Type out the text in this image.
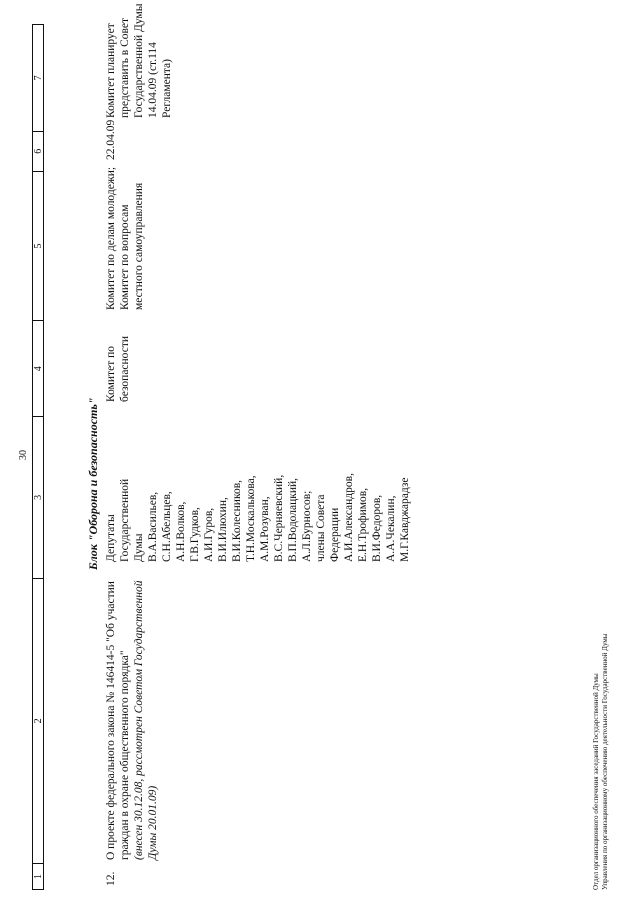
30
1
2
3
4
5
6
7
Блок "Оборона и безопасность"
12.
О проекте федерального закона № 146414-5 "Об участии граждан в охране общественного порядка" (внесен 30.12.08, рассмотрен Советом Государственной Думы 20.01.09)
Депутаты Государственной Думы В.А.Васильев, С.Н.Абельцев, А.Н.Волков, Г.В.Гудков, А.И.Гуров, В.И.Илюхин, В.И.Колесников, Т.Н.Москалькова, А.М.Розуван, В.С.Черняевский, В.П.Водолацкий, А.Л.Бурносов; члены Совета Федерации А.И.Александров, Е.Н.Трофимов, В.И.Федоров, А.А.Чекалин, М.Г.Кавджарадзе
Комитет по безопасности
Комитет по делам молодежи; Комитет по вопросам местного самоуправления
22.04.09
Комитет планирует представить в Совет Государственной Думы 14.04.09 (ст.114 Регламента)
Отдел организационного обеспечения заседаний Государственной Думы Управления по организационному обеспечению деятельности Государственной Думы
